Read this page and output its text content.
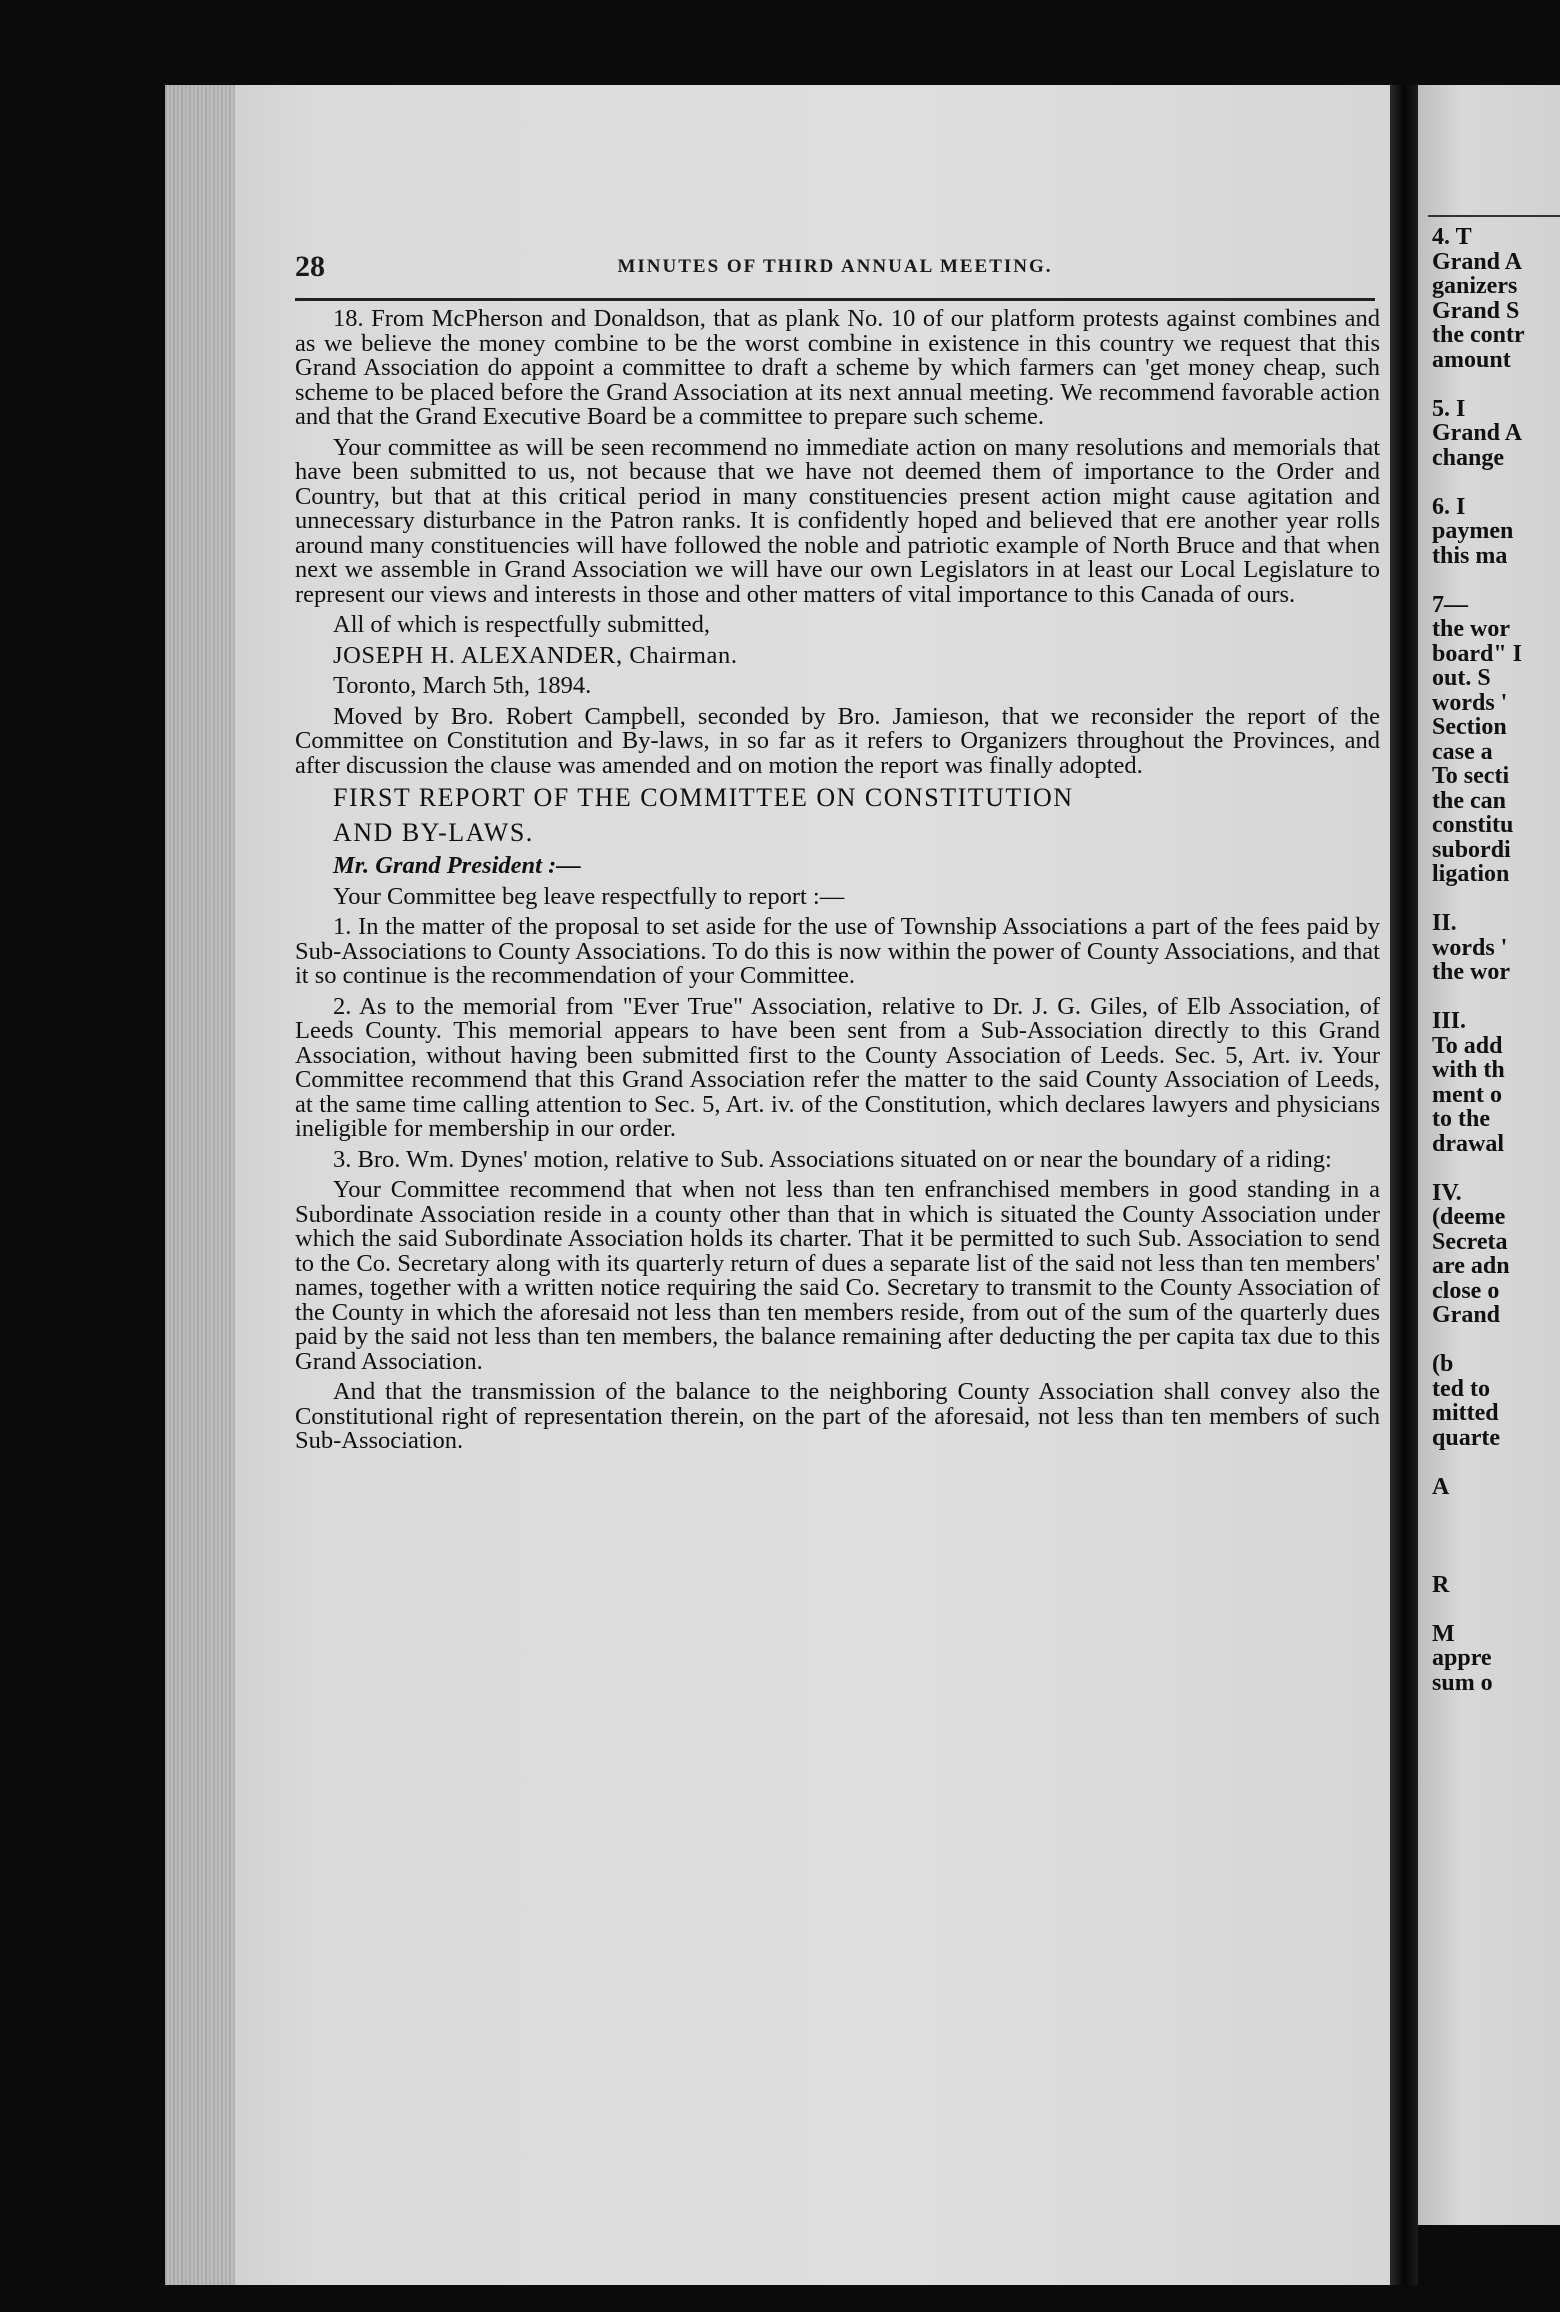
28	MINUTES OF THIRD ANNUAL MEETING.

18. From McPherson and Donaldson, that as plank No. 10 of our platform protests against combines and as we believe the money combine to be the worst combine in existence in this country we request that this Grand Association do appoint a committee to draft a scheme by which farmers can 'get money cheap, such scheme to be placed before the Grand Association at its next annual meeting. We recommend favorable action and that the Grand Executive Board be a committee to prepare such scheme.

Your committee as will be seen recommend no immediate action on many resolutions and memorials that have been submitted to us, not because that we have not deemed them of importance to the Order and Country, but that at this critical period in many constituencies present action might cause agitation and unnecessary disturbance in the Patron ranks. It is confidently hoped and believed that ere another year rolls around many constituencies will have followed the noble and patriotic example of North Bruce and that when next we assemble in Grand Association we will have our own Legislators in at least our Local Legislature to represent our views and interests in those and other matters of vital importance to this Canada of ours.

All of which is respectfully submitted,

JOSEPH H. ALEXANDER, Chairman.

Toronto, March 5th, 1894.

Moved by Bro. Robert Campbell, seconded by Bro. Jamieson, that we reconsider the report of the Committee on Constitution and By-laws, in so far as it refers to Organizers throughout the Provinces, and after discussion the clause was amended and on motion the report was finally adopted.

FIRST REPORT OF THE COMMITTEE ON CONSTITUTION

AND BY-LAWS.

Mr. Grand President :—

Your Committee beg leave respectfully to report :—

1. In the matter of the proposal to set aside for the use of Township Associations a part of the fees paid by Sub-Associations to County Associations. To do this is now within the power of County Associations, and that it so continue is the recommendation of your Committee.

2. As to the memorial from "Ever True" Association, relative to Dr. J. G. Giles, of Elb Association, of Leeds County. This memorial appears to have been sent from a Sub-Association directly to this Grand Association, without having been submitted first to the County Association of Leeds. Sec. 5, Art. iv. Your Committee recommend that this Grand Association refer the matter to the said County Association of Leeds, at the same time calling attention to Sec. 5, Art. iv. of the Constitution, which declares lawyers and physicians ineligible for membership in our order.

3. Bro. Wm. Dynes' motion, relative to Sub. Associations situated on or near the boundary of a riding:

Your Committee recommend that when not less than ten enfranchised members in good standing in a Subordinate Association reside in a county other than that in which is situated the County Association under which the said Subordinate Association holds its charter. That it be permitted to such Sub. Association to send to the Co. Secretary along with its quarterly return of dues a separate list of the said not less than ten members' names, together with a written notice requiring the said Co. Secretary to transmit to the County Association of the County in which the aforesaid not less than ten members reside, from out of the sum of the quarterly dues paid by the said not less than ten members, the balance remaining after deducting the per capita tax due to this Grand Association.

And that the transmission of the balance to the neighboring County Association shall convey also the Constitutional right of representation therein, on the part of the aforesaid, not less than ten members of such Sub-Association.

4. T
Grand A
ganizers
Grand S
the contr
amount

5. I
Grand A
change

6. I
paymen
this ma

7—
the wor
board" I
out. S
words '
Section
case a
To secti
the can
constitu
subordi
ligation

II.
words '
the wor

III.
To add
with th
ment o
to the
drawal

IV.
(deeme
Secreta
are adn
close o
Grand

(b
ted to
mitted
quarte

A

R

M
appre
sum o
